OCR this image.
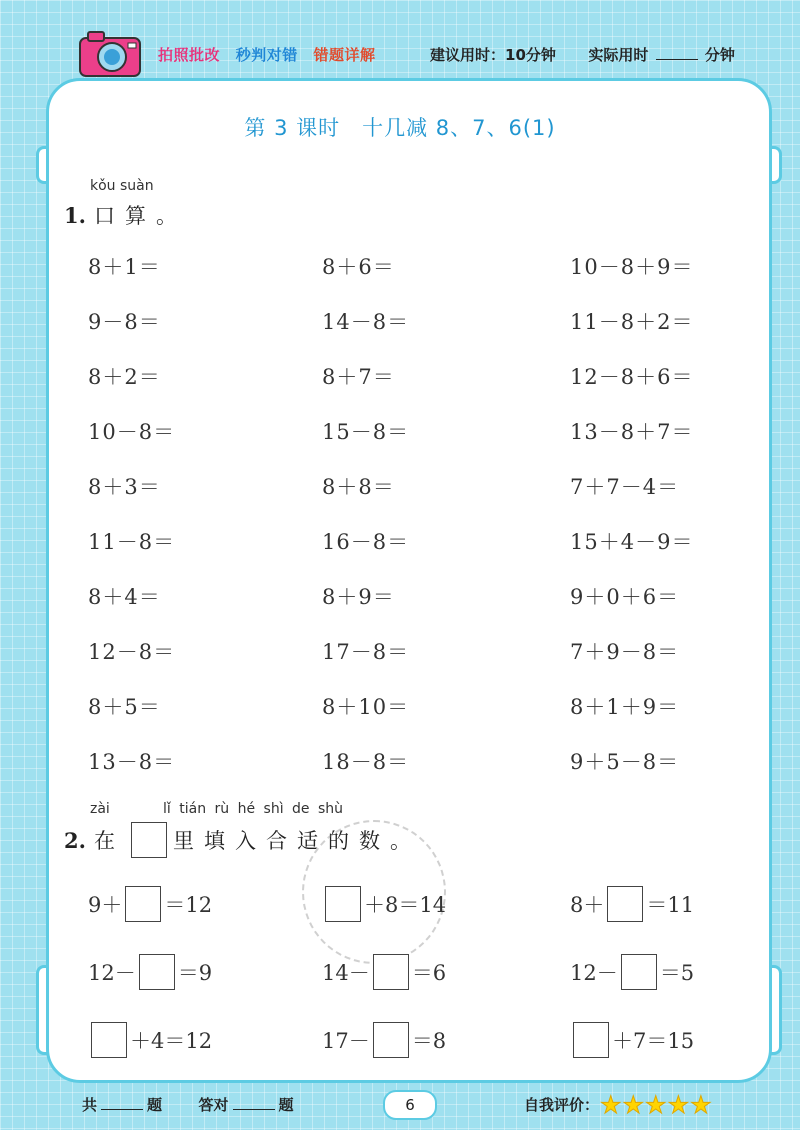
拍照批改 秒判对错 错题详解	建议用时：10分钟 实际用时	分钟
第 3 课时　十几减 8、7、6(1)
kǒu suàn
1. 口 算 。
8＋1＝	8＋6＝	10－8＋9＝
9－8＝	14－8＝	11－8＋2＝
8＋2＝	8＋7＝	12－8＋6＝
10－8＝	15－8＝	13－8＋7＝
8＋3＝	8＋8＝	7＋7－4＝
11－8＝	16－8＝	15＋4－9＝
8＋4＝	8＋9＝	9＋0＋6＝
12－8＝	17－8＝	7＋9－8＝
8＋5＝	8＋10＝	8＋1＋9＝
13－8＝	18－8＝	9＋5－8＝
zài	lǐ tián rù hé shì de shù
2. 在	里 填 入 合 适 的 数 。
9＋ ＝12	＋8＝14	8＋ ＝11
12－ ＝9	14－ ＝6	12－ ＝5
＋4＝12	17－ ＝8	＋7＝15
共	题 答对	题	6	自我评价： ★ ★ ★ ★ ★
